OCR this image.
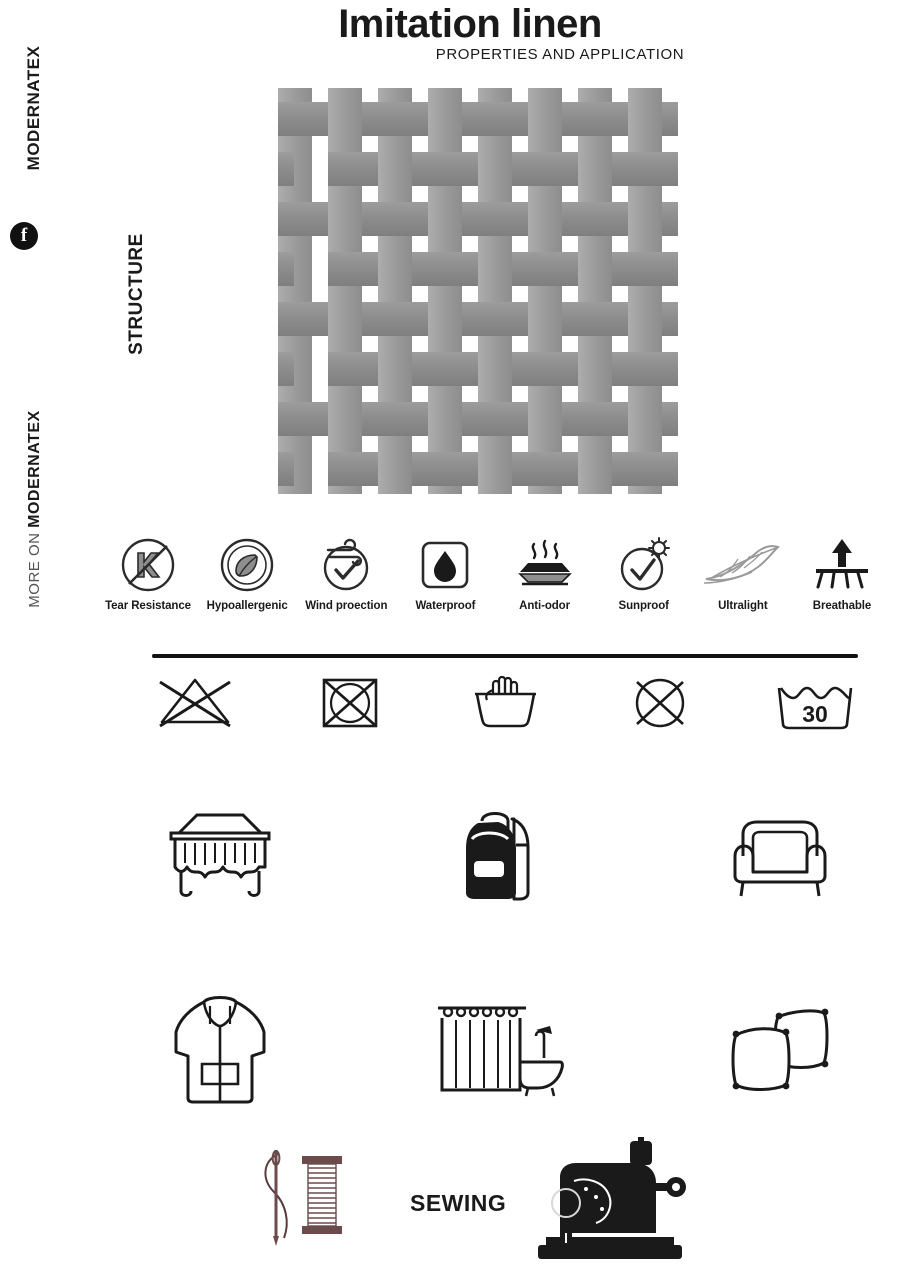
MODERNATEX
f
MORE ON MODERNATEX
Imitation linen
PROPERTIES AND APPLICATION
STRUCTURE
Tear Resistance	Hypoallergenic	Wind proection	Waterproof	Anti-odor	Sunproof	Ultralight	Breathable
30
SEWING
